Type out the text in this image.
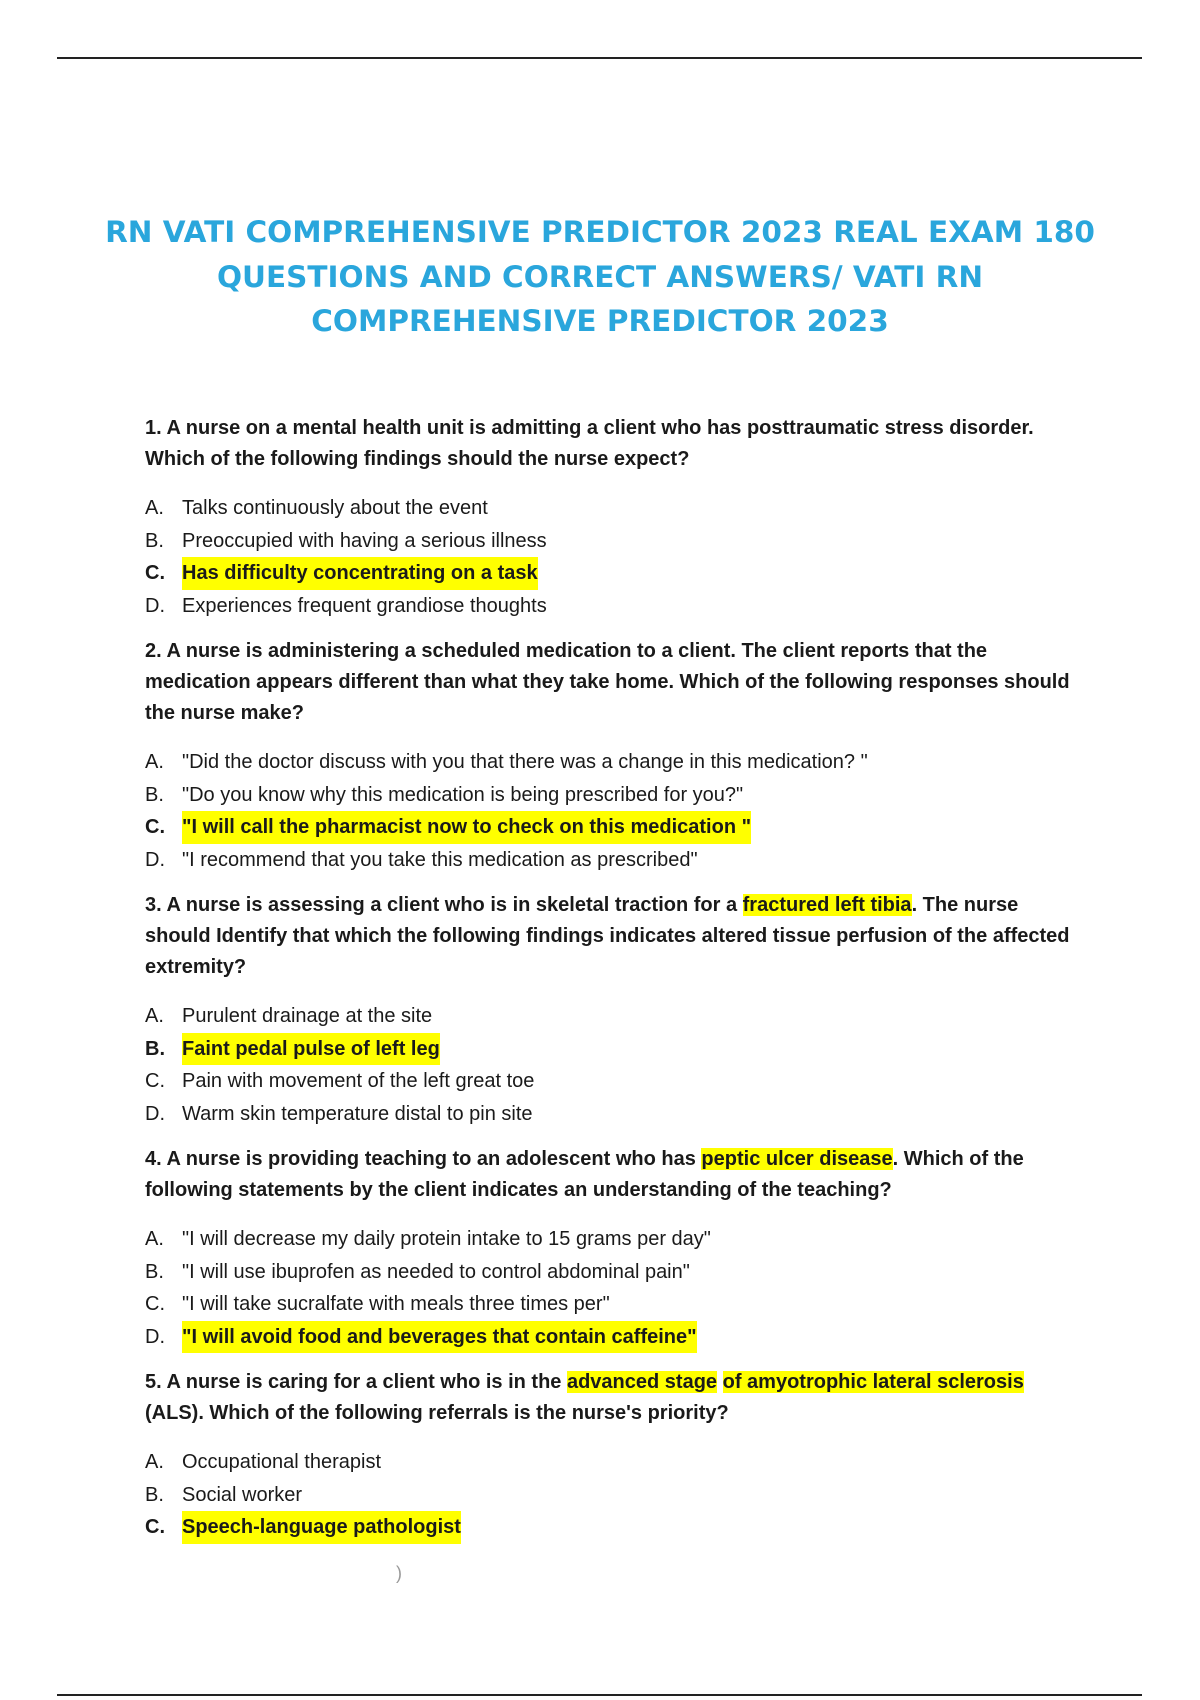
RN VATI COMPREHENSIVE PREDICTOR 2023 REAL EXAM 180
QUESTIONS AND CORRECT ANSWERS/ VATI RN
COMPREHENSIVE PREDICTOR 2023

1. A nurse on a mental health unit is admitting a client who has posttraumatic stress disorder. Which of the following findings should the nurse expect?

A. Talks continuously about the event
B. Preoccupied with having a serious illness
C. Has difficulty concentrating on a task
D. Experiences frequent grandiose thoughts

2. A nurse is administering a scheduled medication to a client. The client reports that the medication appears different than what they take home. Which of the following responses should the nurse make?

A. "Did the doctor discuss with you that there was a change in this medication? "
B. "Do you know why this medication is being prescribed for you?"
C. "I will call the pharmacist now to check on this medication "
D. "I recommend that you take this medication as prescribed"

3. A nurse is assessing a client who is in skeletal traction for a fractured left tibia. The nurse should Identify that which the following findings indicates altered tissue perfusion of the affected extremity?

A. Purulent drainage at the site
B. Faint pedal pulse of left leg
C. Pain with movement of the left great toe
D. Warm skin temperature distal to pin site

4. A nurse is providing teaching to an adolescent who has peptic ulcer disease. Which of the following statements by the client indicates an understanding of the teaching?

A. "I will decrease my daily protein intake to 15 grams per day"
B. "I will use ibuprofen as needed to control abdominal pain"
C. "I will take sucralfate with meals three times per"
D. "I will avoid food and beverages that contain caffeine"

5. A nurse is caring for a client who is in the advanced stage of amyotrophic lateral sclerosis (ALS). Which of the following referrals is the nurse's priority?

A. Occupational therapist
B. Social worker
C. Speech-language pathologist
)
